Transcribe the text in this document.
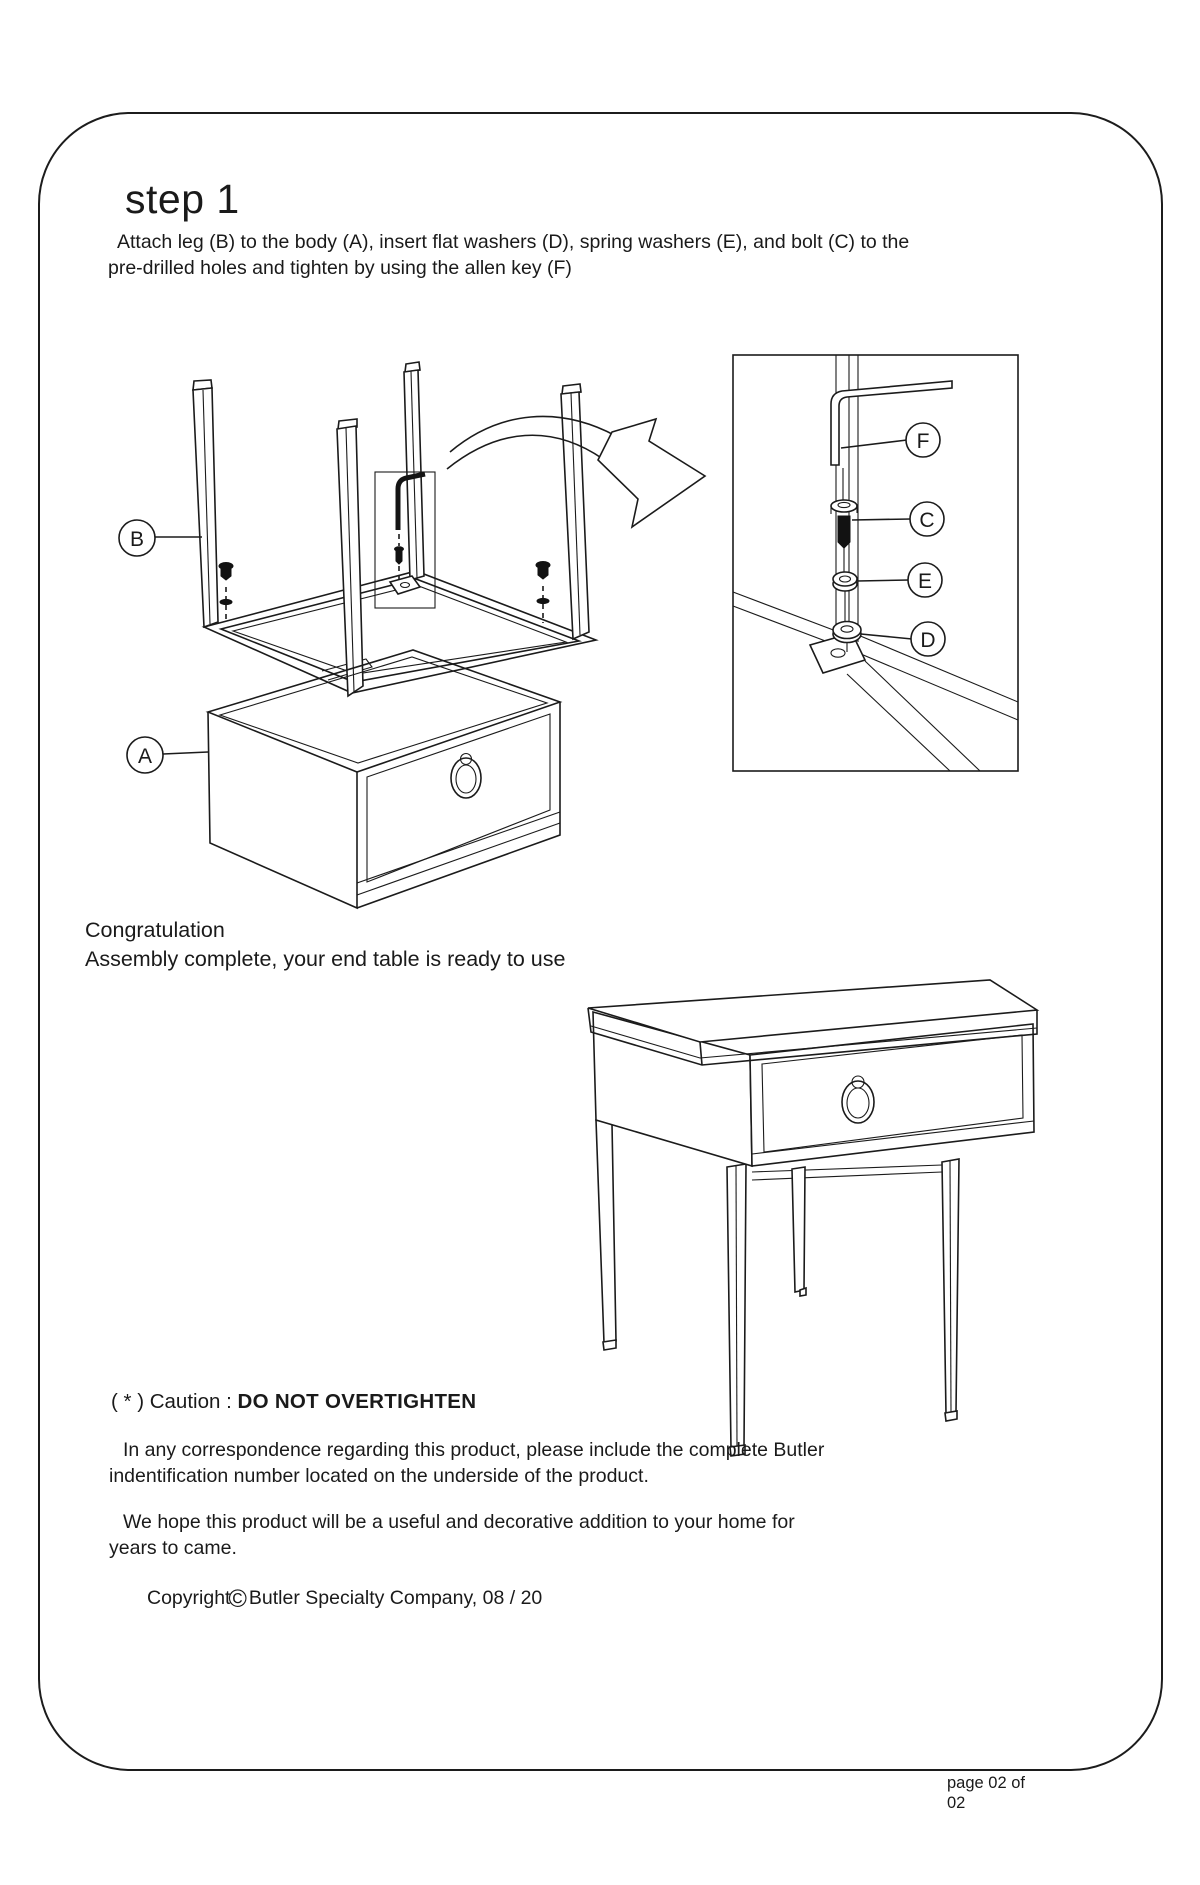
step 1
Attach leg (B) to the body (A), insert flat washers (D), spring washers (E), and bolt (C) to the
pre-drilled holes and tighten by using the allen key (F)
B
A
F
C
E
D
Congratulation
Assembly complete, your end table is ready to use
( * ) Caution : DO NOT OVERTIGHTEN
In any correspondence regarding this product, please include the complete Butler
indentification number located on the underside of the product.
We hope this product will be a useful and decorative addition to your home for
years to came.
Copyright© Butler Specialty Company, 08 / 20
page 02 of
02
